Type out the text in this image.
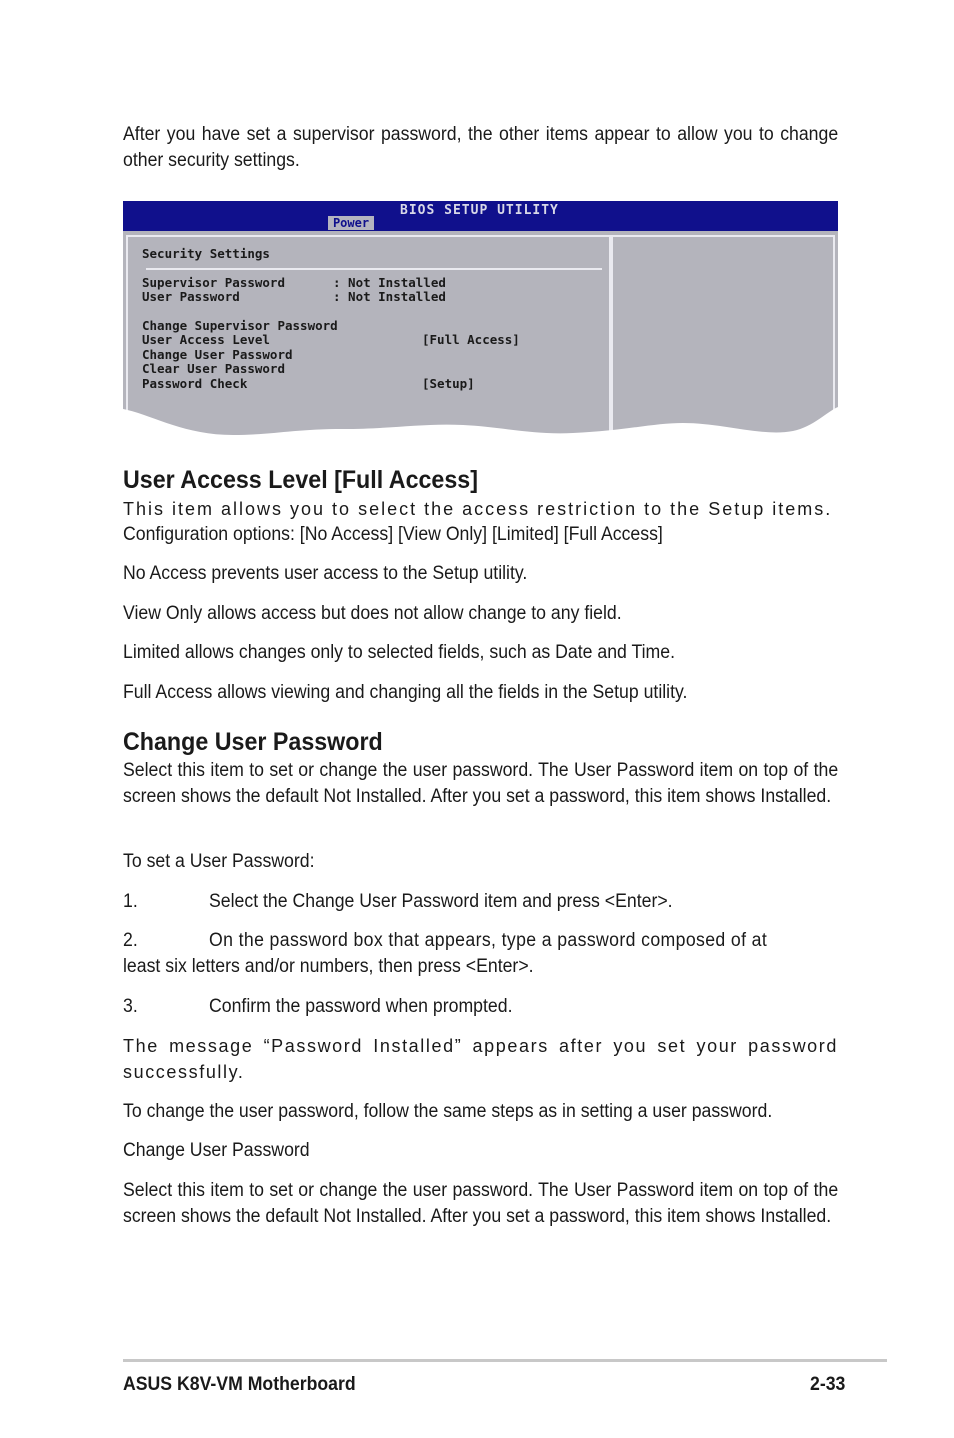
After you have set a supervisor password, the other items appear to allow you to change other security settings.

BIOS SETUP UTILITY
Power
Security Settings
Supervisor Password	: Not Installed
User Password	: Not Installed
Change Supervisor Password
User Access Level	[Full Access]
Change User Password
Clear User Password
Password Check	[Setup]
User Access Level [Full Access]

This item allows you to select the access restriction to the Setup items.

Configuration options: [No Access] [View Only] [Limited] [Full Access]

No Access prevents user access to the Setup utility.

View Only allows access but does not allow change to any field.

Limited allows changes only to selected fields, such as Date and Time.

Full Access allows viewing and changing all the fields in the Setup utility.

Change User Password

Select this item to set or change the user password. The User Password item on top of the screen shows the default Not Installed. After you set a password, this item shows Installed.

To set a User Password:

1.	Select the Change User Password item and press <Enter>.
2.	On the password box that appears, type a password composed of at

least six letters and/or numbers, then press <Enter>.

3.	Confirm the password when prompted.

The message “Password Installed” appears after you set your password successfully.

To change the user password, follow the same steps as in setting a user password.

Change User Password

Select this item to set or change the user password. The User Password item on top of the screen shows the default Not Installed. After you set a password, this item shows Installed.

ASUS K8V-VM Motherboard	2-33
